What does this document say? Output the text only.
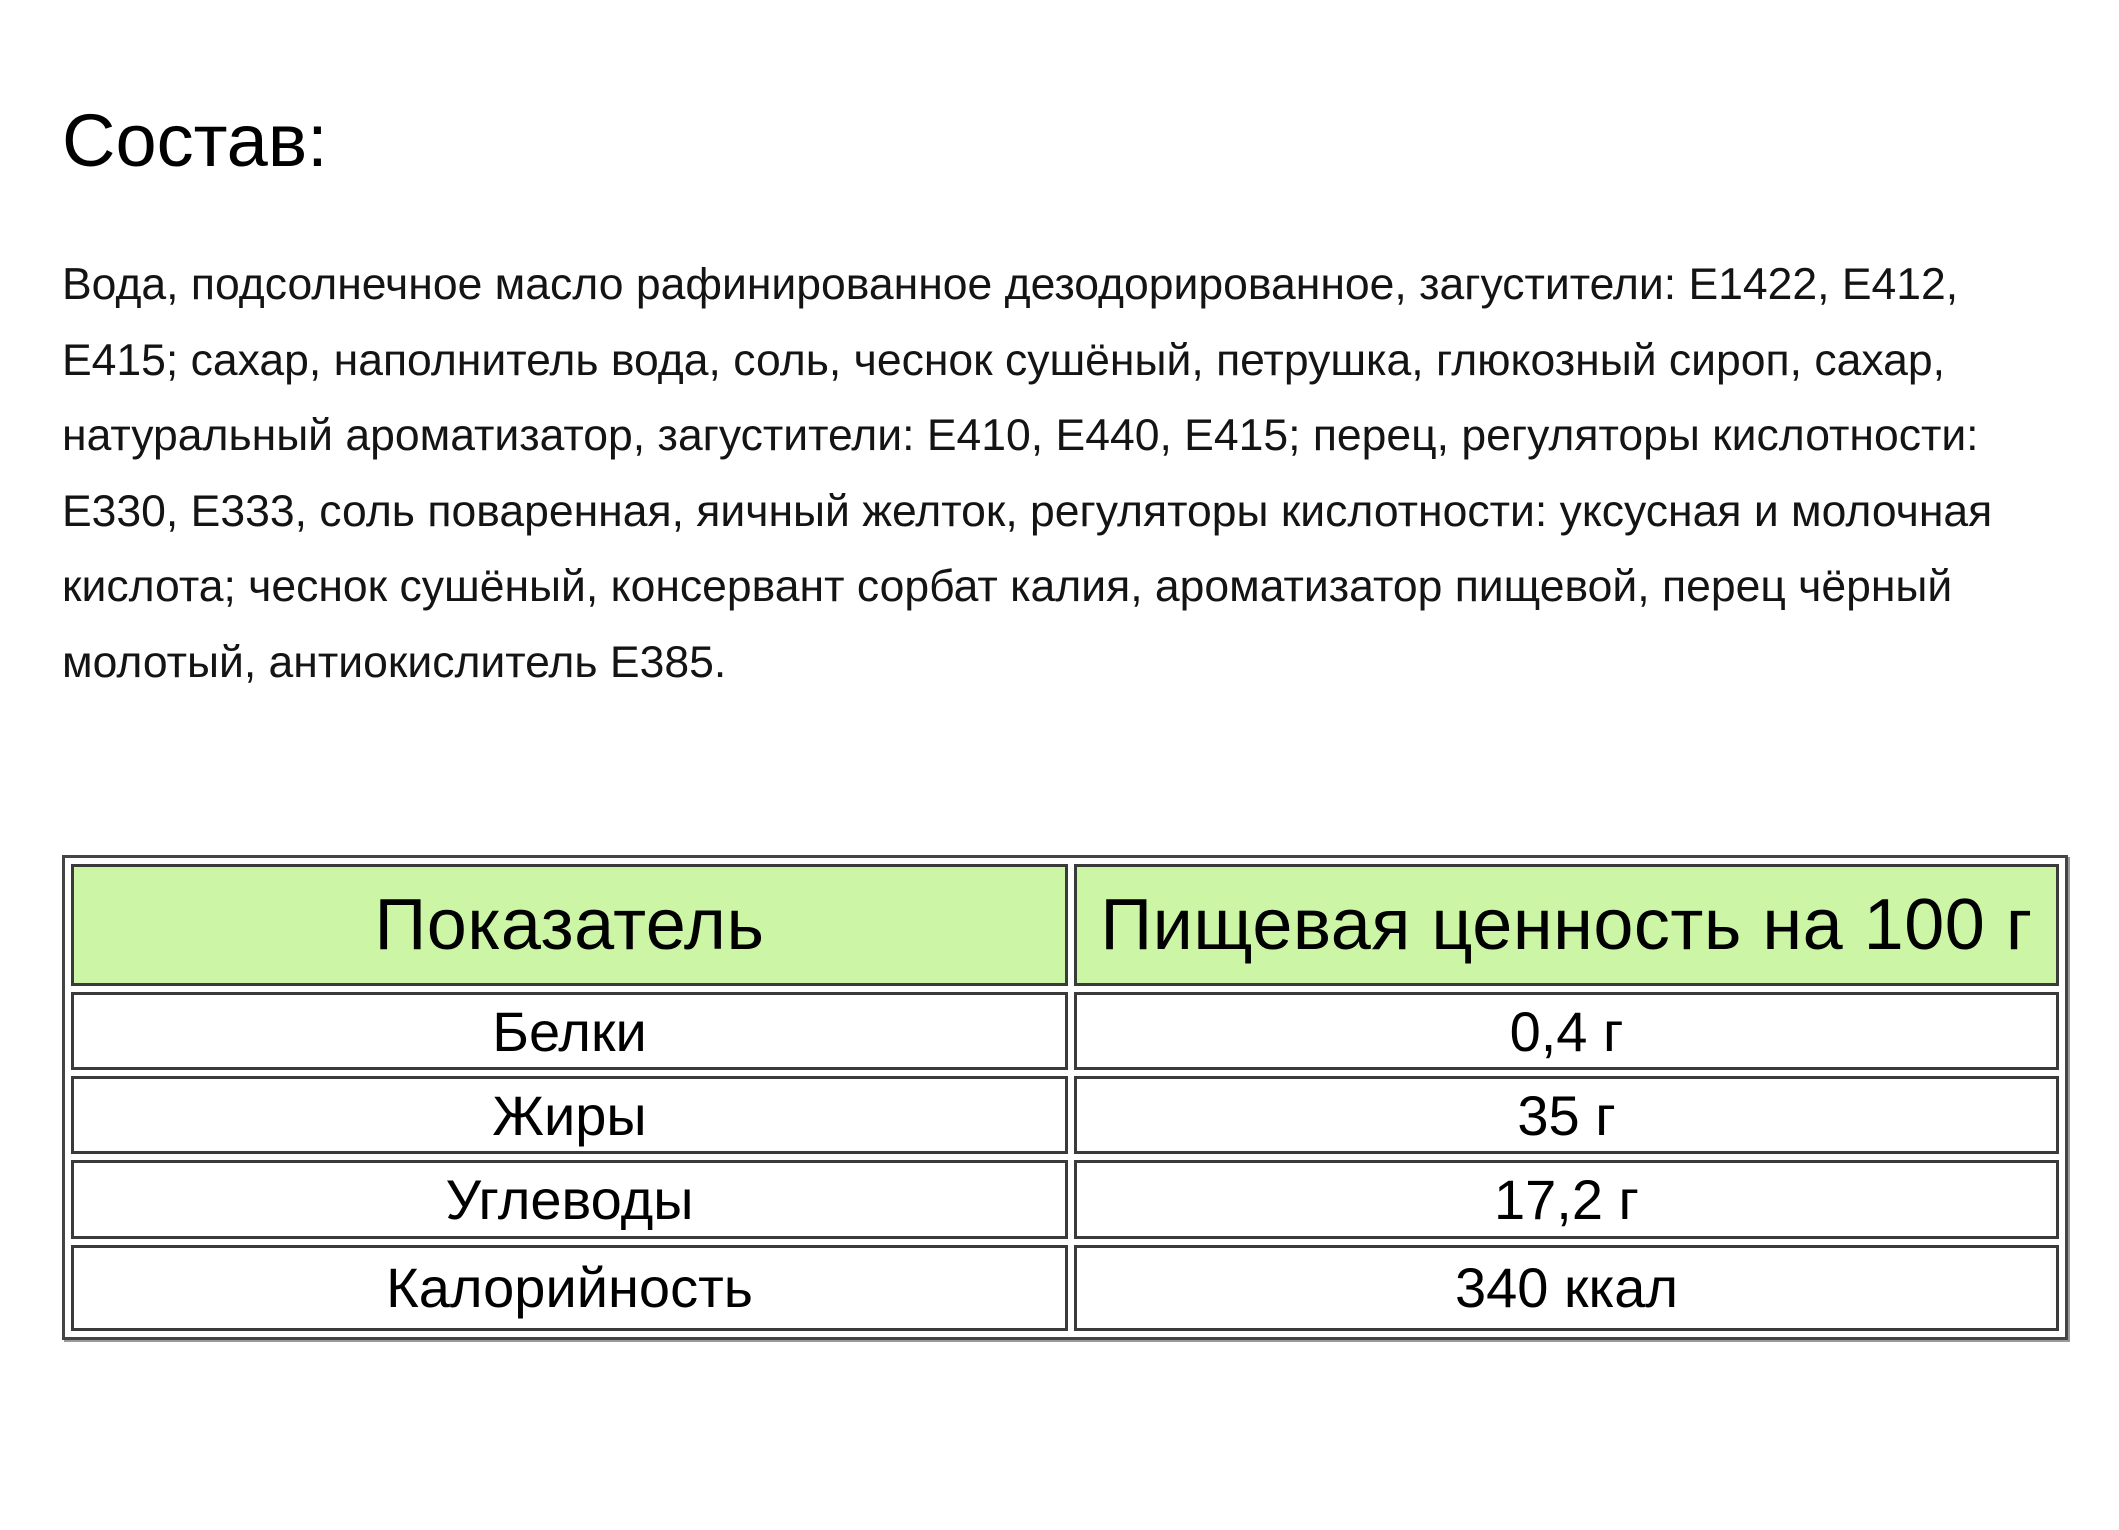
Состав:

Вода, подсолнечное масло рафинированное дезодорированное, загустители: Е1422, Е412, Е415; сахар, наполнитель вода, соль, чеснок сушёный, петрушка, глюкозный сироп, сахар, натуральный ароматизатор, загустители: Е410, Е440, Е415; перец, регуляторы кислотности: Е330, Е333, соль поваренная, яичный желток, регуляторы кислотности: уксусная и молочная кислота; чеснок сушёный, консервант сорбат калия, ароматизатор пищевой, перец чёрный молотый, антиокислитель Е385.

Показатель	Пищевая ценность на 100 г
Белки	0,4 г
Жиры	35 г
Углеводы	17,2 г
Калорийность	340 ккал
